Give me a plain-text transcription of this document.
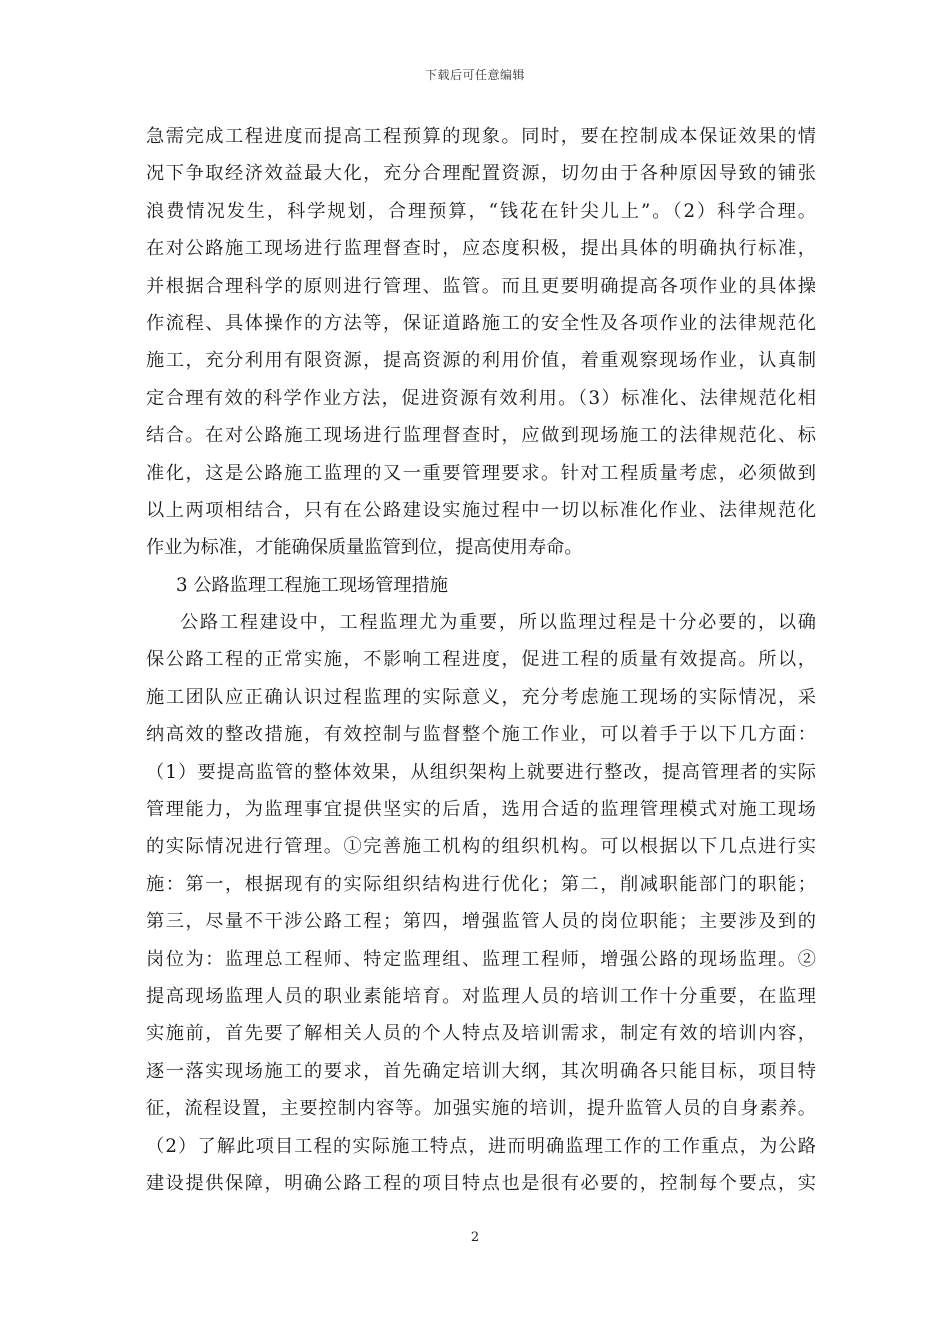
下载后可任意编辑
急需完成工程进度而提高工程预算的现象。同时，要在控制成本保证效果的情
况下争取经济效益最大化，充分合理配置资源，切勿由于各种原因导致的铺张
浪费情况发生，科学规划，合理预算，“钱花在针尖儿上”。（2）科学合理。
在对公路施工现场进行监理督查时，应态度积极，提出具体的明确执行标准，
并根据合理科学的原则进行管理、监管。而且更要明确提高各项作业的具体操
作流程、具体操作的方法等，保证道路施工的安全性及各项作业的法律规范化
施工，充分利用有限资源，提高资源的利用价值，着重观察现场作业，认真制
定合理有效的科学作业方法，促进资源有效利用。（3）标准化、法律规范化相
结合。在对公路施工现场进行监理督查时，应做到现场施工的法律规范化、标
准化，这是公路施工监理的又一重要管理要求。针对工程质量考虑，必须做到
以上两项相结合，只有在公路建设实施过程中一切以标准化作业、法律规范化
作业为标准，才能确保质量监管到位，提高使用寿命。
3 公路监理工程施工现场管理措施
公路工程建设中，工程监理尤为重要，所以监理过程是十分必要的，以确
保公路工程的正常实施，不影响工程进度，促进工程的质量有效提高。所以，
施工团队应正确认识过程监理的实际意义，充分考虑施工现场的实际情况，采
纳高效的整改措施，有效控制与监督整个施工作业，可以着手于以下几方面：
（1）要提高监管的整体效果，从组织架构上就要进行整改，提高管理者的实际
管理能力，为监理事宜提供坚实的后盾，选用合适的监理管理模式对施工现场
的实际情况进行管理。①完善施工机构的组织机构。可以根据以下几点进行实
施：第一，根据现有的实际组织结构进行优化；第二，削减职能部门的职能；
第三，尽量不干涉公路工程；第四，增强监管人员的岗位职能；主要涉及到的
岗位为：监理总工程师、特定监理组、监理工程师，增强公路的现场监理。②
提高现场监理人员的职业素能培育。对监理人员的培训工作十分重要，在监理
实施前，首先要了解相关人员的个人特点及培训需求，制定有效的培训内容，
逐一落实现场施工的要求，首先确定培训大纲，其次明确各只能目标，项目特
征，流程设置，主要控制内容等。加强实施的培训，提升监管人员的自身素养。
（2）了解此项目工程的实际施工特点，进而明确监理工作的工作重点，为公路
建设提供保障，明确公路工程的项目特点也是很有必要的，控制每个要点，实
2
